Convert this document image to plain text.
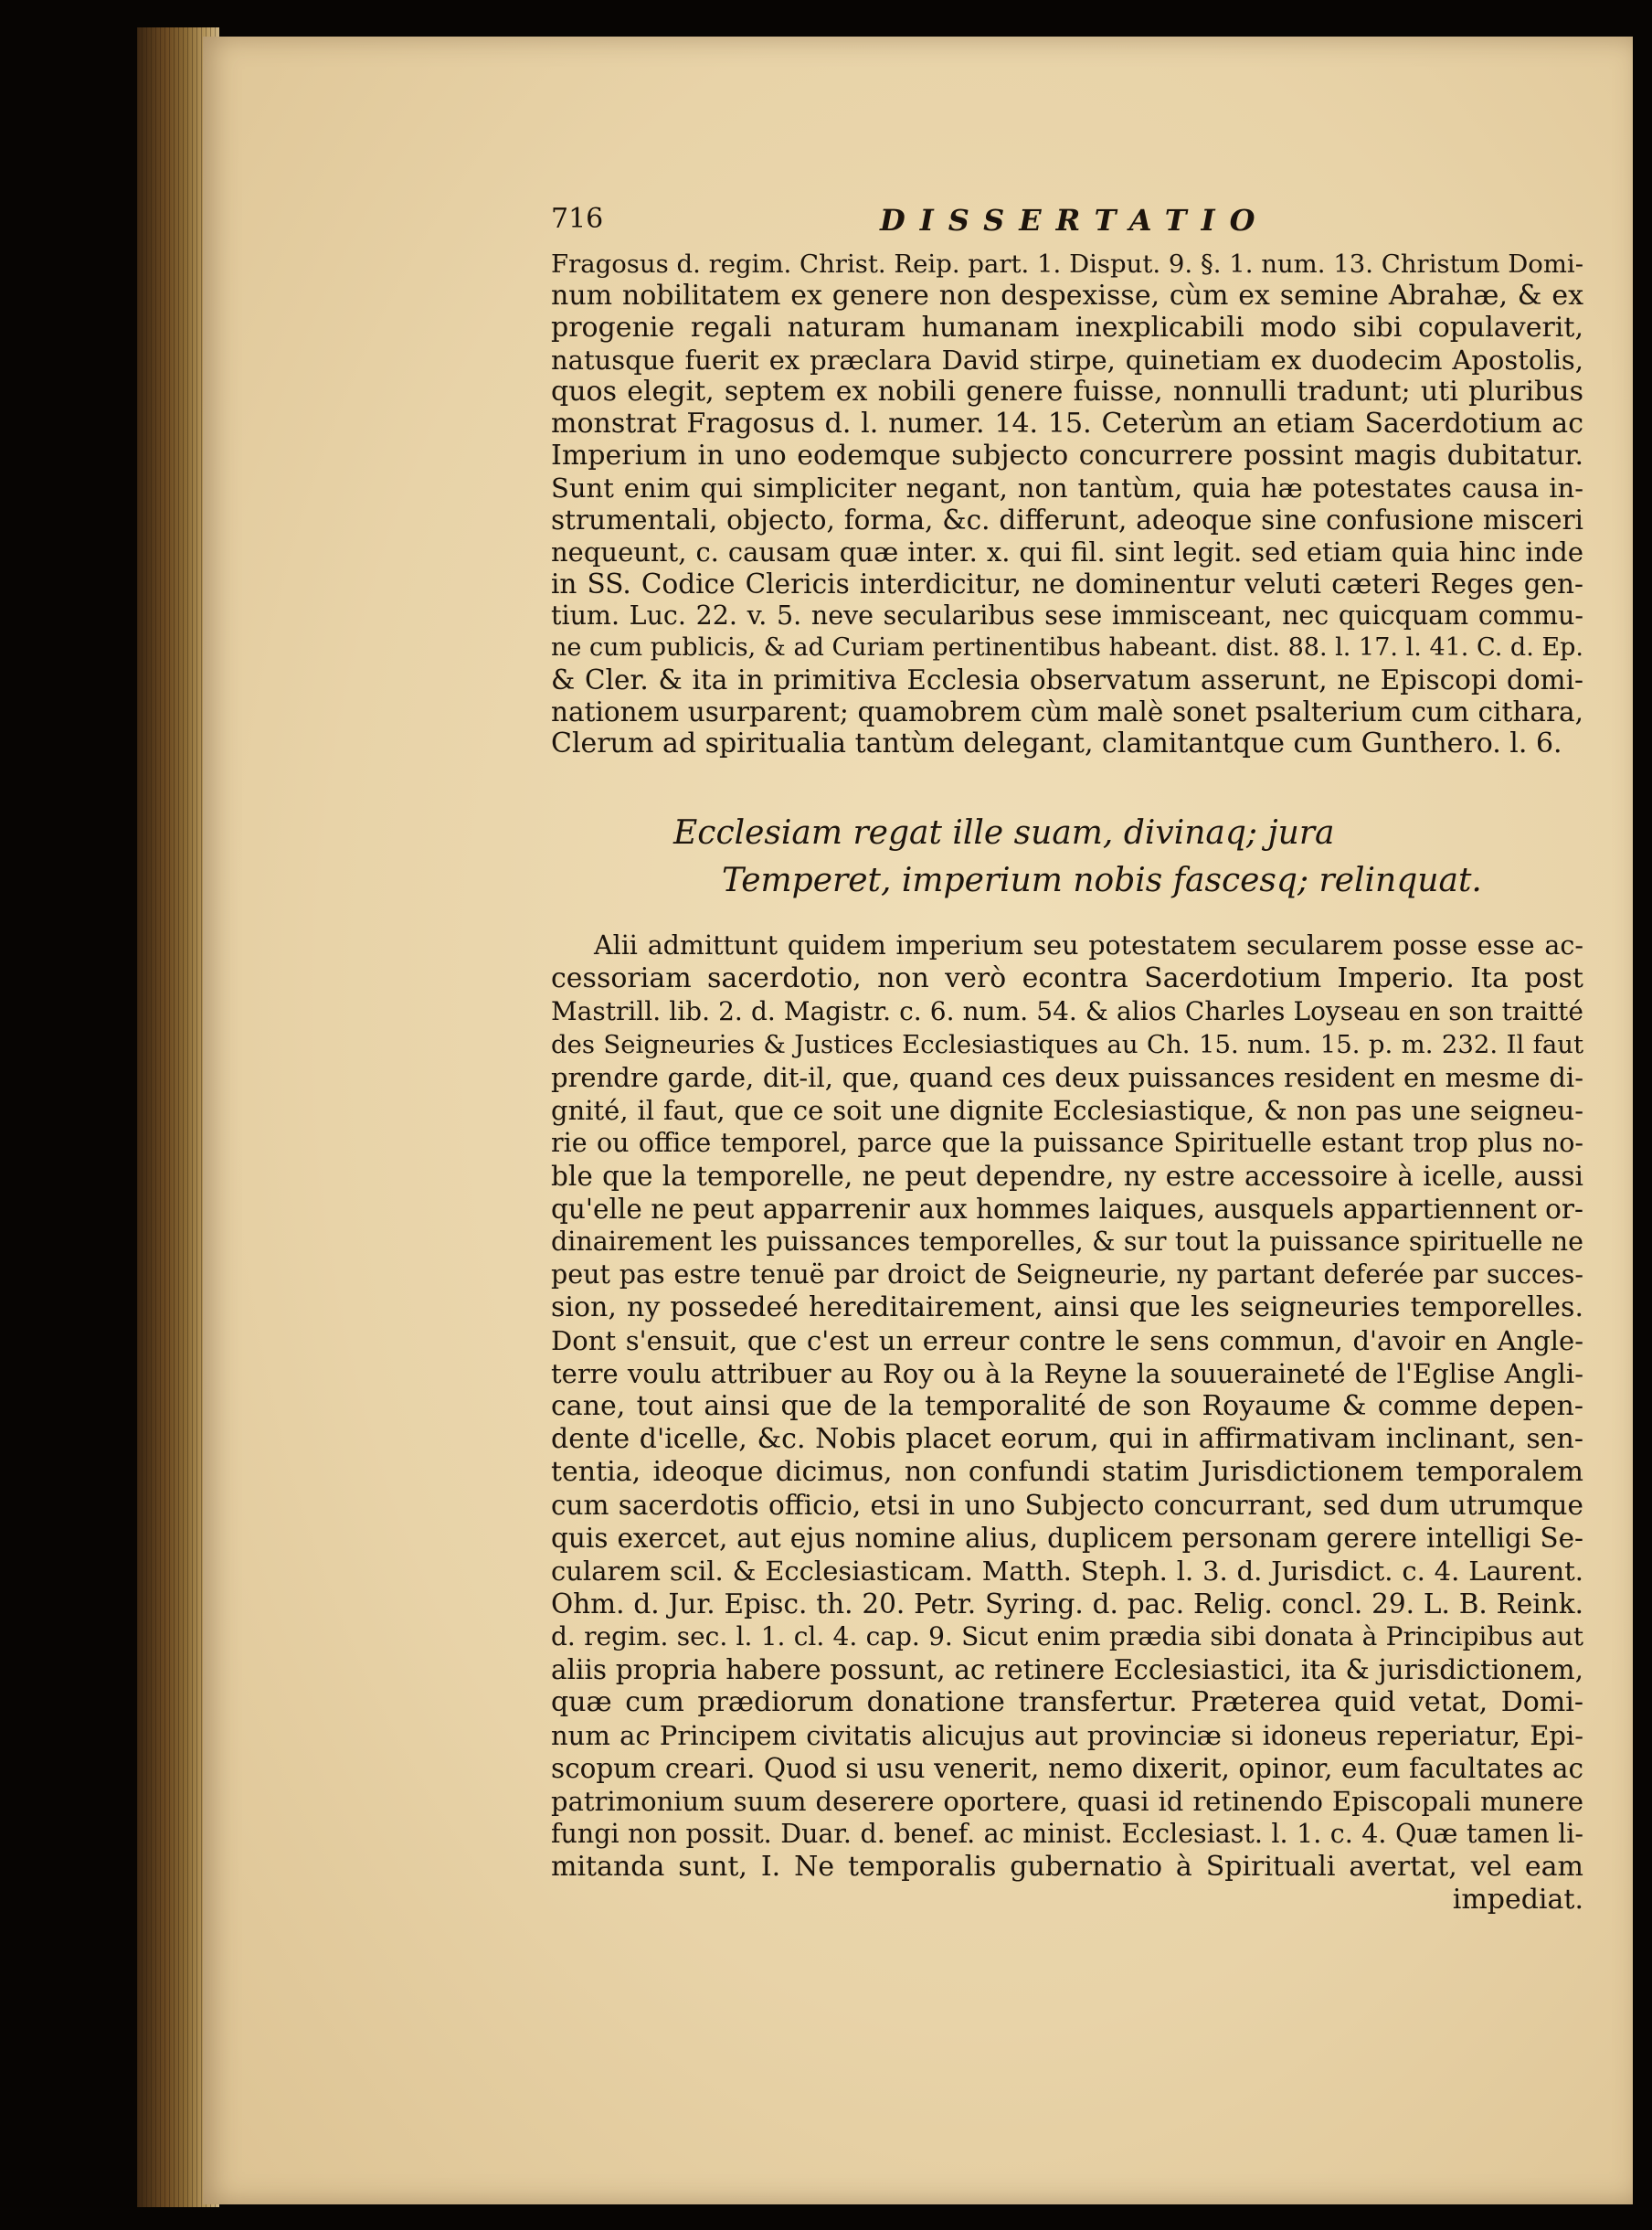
716	DISSERTATIO
Fragosus d. regim. Christ. Reip. part. 1. Disput. 9. §. 1. num. 13. Christum Domi-
num nobilitatem ex genere non despexisse, cùm ex semine Abrahæ, & ex
progenie regali naturam humanam inexplicabili modo sibi copulaverit,
natusque fuerit ex præclara David stirpe, quinetiam ex duodecim Apostolis,
quos elegit, septem ex nobili genere fuisse, nonnulli tradunt; uti pluribus
monstrat Fragosus d. l. numer. 14. 15. Ceterùm an etiam Sacerdotium ac
Imperium in uno eodemque subjecto concurrere possint magis dubitatur.
Sunt enim qui simpliciter negant, non tantùm, quia hæ potestates causa in-
strumentali, objecto, forma, &c. differunt, adeoque sine confusione misceri
nequeunt, c. causam quæ inter. x. qui fil. sint legit. sed etiam quia hinc inde
in SS. Codice Clericis interdicitur, ne dominentur veluti cæteri Reges gen-
tium. Luc. 22. v. 5. neve secularibus sese immisceant, nec quicquam commu-
ne cum publicis, & ad Curiam pertinentibus habeant. dist. 88. l. 17. l. 41. C. d. Ep.
& Cler. & ita in primitiva Ecclesia observatum asserunt, ne Episcopi domi-
nationem usurparent; quamobrem cùm malè sonet psalterium cum cithara,
Clerum ad spiritualia tantùm delegant, clamitantque cum Gunthero. l. 6.
Ecclesiam regat ille suam, divinaq; jura
Temperet, imperium nobis fascesq; relinquat.
Alii admittunt quidem imperium seu potestatem secularem posse esse ac-
cessoriam sacerdotio, non verò econtra Sacerdotium Imperio. Ita post
Mastrill. lib. 2. d. Magistr. c. 6. num. 54. & alios Charles Loyseau en son traitté
des Seigneuries & Justices Ecclesiastiques au Ch. 15. num. 15. p. m. 232. Il faut
prendre garde, dit-il, que, quand ces deux puissances resident en mesme di-
gnité, il faut, que ce soit une dignite Ecclesiastique, & non pas une seigneu-
rie ou office temporel, parce que la puissance Spirituelle estant trop plus no-
ble que la temporelle, ne peut dependre, ny estre accessoire à icelle, aussi
qu'elle ne peut apparrenir aux hommes laiques, ausquels appartiennent or-
dinairement les puissances temporelles, & sur tout la puissance spirituelle ne
peut pas estre tenuë par droict de Seigneurie, ny partant deferée par succes-
sion, ny possedeé hereditairement, ainsi que les seigneuries temporelles.
Dont s'ensuit, que c'est un erreur contre le sens commun, d'avoir en Angle-
terre voulu attribuer au Roy ou à la Reyne la souueraineté de l'Eglise Angli-
cane, tout ainsi que de la temporalité de son Royaume & comme depen-
dente d'icelle, &c. Nobis placet eorum, qui in affirmativam inclinant, sen-
tentia, ideoque dicimus, non confundi statim Jurisdictionem temporalem
cum sacerdotis officio, etsi in uno Subjecto concurrant, sed dum utrumque
quis exercet, aut ejus nomine alius, duplicem personam gerere intelligi Se-
cularem scil. & Ecclesiasticam. Matth. Steph. l. 3. d. Jurisdict. c. 4. Laurent.
Ohm. d. Jur. Episc. th. 20. Petr. Syring. d. pac. Relig. concl. 29. L. B. Reink.
d. regim. sec. l. 1. cl. 4. cap. 9. Sicut enim prædia sibi donata à Principibus aut
aliis propria habere possunt, ac retinere Ecclesiastici, ita & jurisdictionem,
quæ cum prædiorum donatione transfertur. Præterea quid vetat, Domi-
num ac Principem civitatis alicujus aut provinciæ si idoneus reperiatur, Epi-
scopum creari. Quod si usu venerit, nemo dixerit, opinor, eum facultates ac
patrimonium suum deserere oportere, quasi id retinendo Episcopali munere
fungi non possit. Duar. d. benef. ac minist. Ecclesiast. l. 1. c. 4. Quæ tamen li-
mitanda sunt, I. Ne temporalis gubernatio à Spirituali avertat, vel eam
impediat.
